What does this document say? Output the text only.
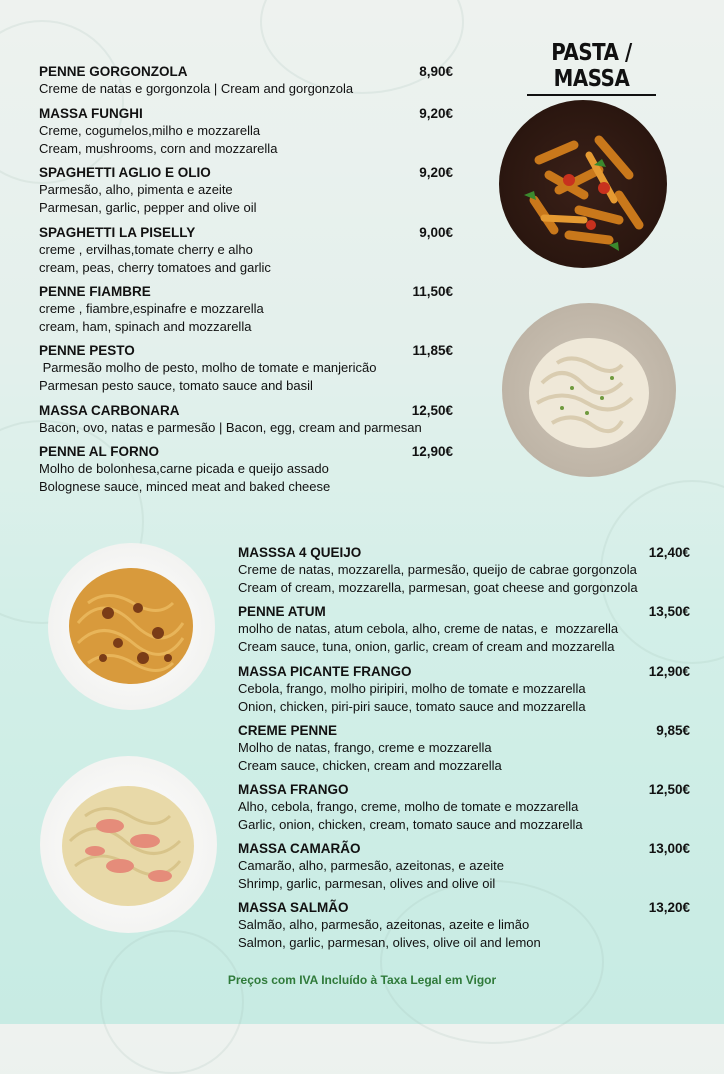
PASTA / MASSA
PENNE GORGONZOLA	8,90€
Creme de natas e gorgonzola | Cream and gorgonzola
MASSA FUNGHI	9,20€
Creme, cogumelos,milho e mozzarella
Cream, mushrooms, corn and mozzarella
SPAGHETTI AGLIO E OLIO	9,20€
Parmesão, alho, pimenta e azeite
Parmesan, garlic, pepper and olive oil
SPAGHETTI LA PISELLY	9,00€
creme , ervilhas,tomate cherry e alho
cream, peas, cherry tomatoes and garlic
PENNE FIAMBRE	11,50€
creme , fiambre,espinafre e mozzarella
cream, ham, spinach and mozzarella
PENNE PESTO	11,85€
Parmesão molho de pesto, molho de tomate e manjericão
Parmesan pesto sauce, tomato sauce and basil
MASSA CARBONARA	12,50€
Bacon, ovo, natas e parmesão | Bacon, egg, cream and parmesan
PENNE AL FORNO	12,90€
Molho de bolonhesa,carne picada e queijo assado
Bolognese sauce, minced meat and baked cheese
MASSSA 4 QUEIJO	12,40€
Creme de natas, mozzarella, parmesão, queijo de cabrae gorgonzola
Cream of cream, mozzarella, parmesan, goat cheese and gorgonzola
PENNE ATUM	13,50€
molho de natas, atum cebola, alho, creme de natas, e  mozzarella
Cream sauce, tuna, onion, garlic, cream of cream and mozzarella
MASSA PICANTE FRANGO	12,90€
Cebola, frango, molho piripiri, molho de tomate e mozzarella
Onion, chicken, piri-piri sauce, tomato sauce and mozzarella
CREME PENNE	9,85€
Molho de natas, frango, creme e mozzarella
Cream sauce, chicken, cream and mozzarella
MASSA FRANGO	12,50€
Alho, cebola, frango, creme, molho de tomate e mozzarella
Garlic, onion, chicken, cream, tomato sauce and mozzarella
MASSA CAMARÃO	13,00€
Camarão, alho, parmesão, azeitonas, e azeite
Shrimp, garlic, parmesan, olives and olive oil
MASSA SALMÃO	13,20€
Salmão, alho, parmesão, azeitonas, azeite e limão
Salmon, garlic, parmesan, olives, olive oil and lemon
Preços com IVA Incluído à Taxa Legal em Vigor
